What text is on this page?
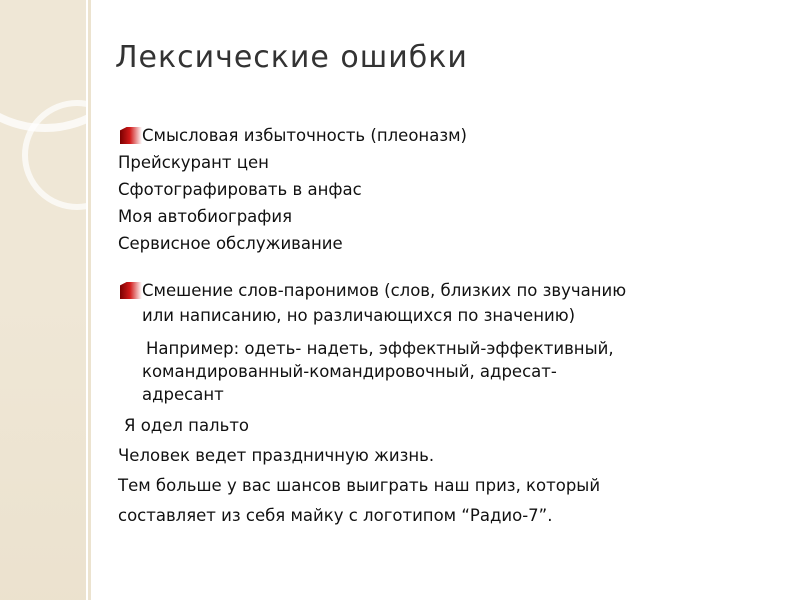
Лексические ошибки
Смысловая избыточность (плеоназм)
Прейскурант цен
Сфотографировать в анфас
Моя автобиография
Сервисное обслуживание
Смешение слов-паронимов (слов, близких по звучанию
или написанию, но различающихся по значению)
Например: одеть- надеть, эффектный-эффективный,
командированный-командировочный, адресат-
адресант
Я одел пальто
Человек ведет праздничную жизнь.
Тем больше у вас шансов выиграть наш приз, который
составляет из себя майку с логотипом “Радио-7”.
